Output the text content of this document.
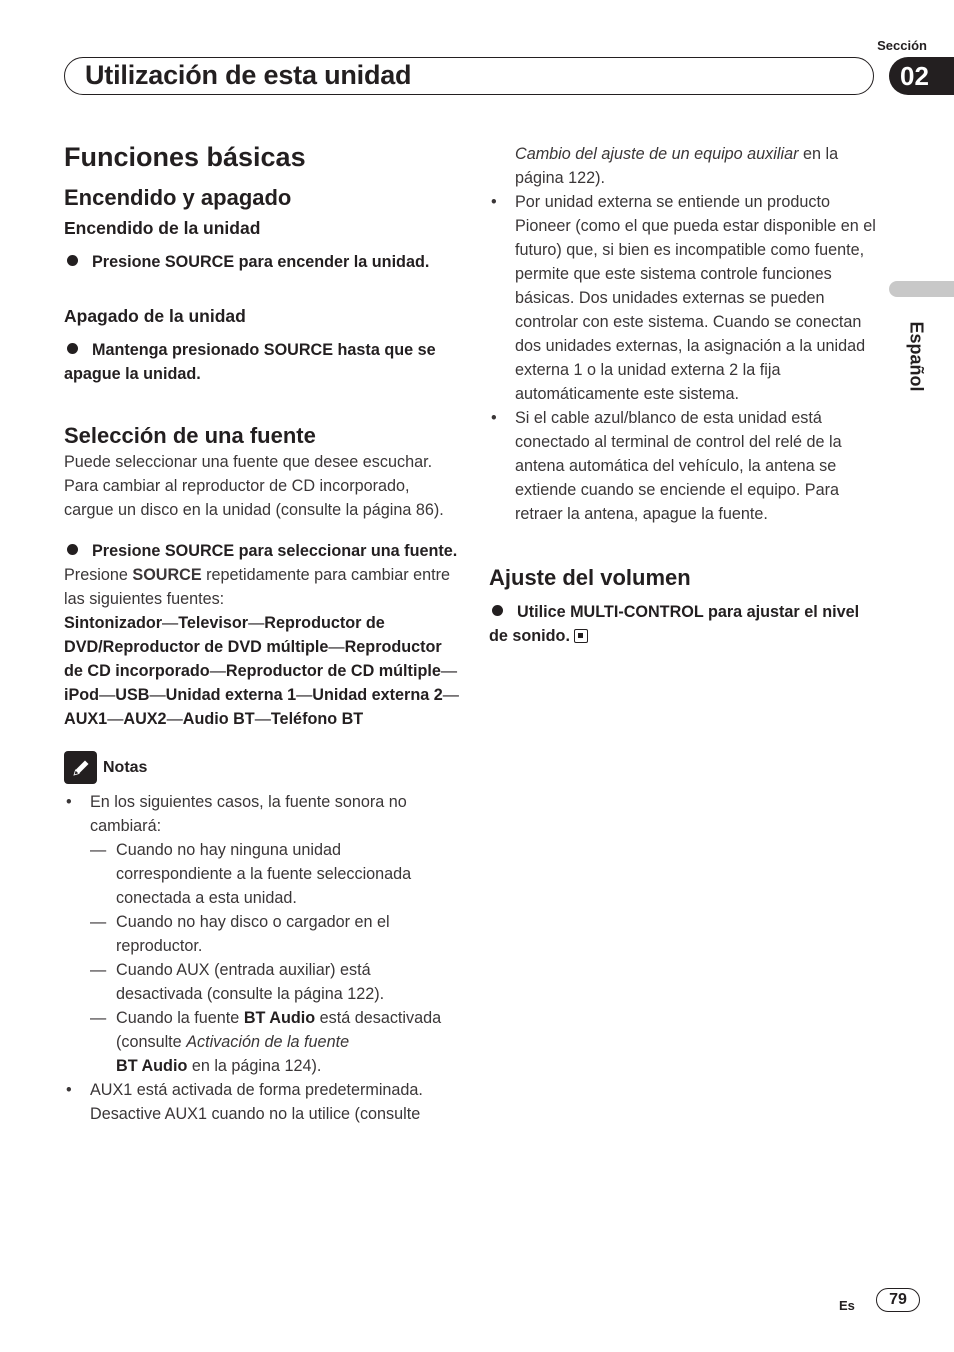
Sección
Utilización de esta unidad	02
Español
Funciones básicas
Encendido y apagado
Encendido de la unidad

Presione SOURCE para encender la unidad.

Apagado de la unidad

Mantenga presionado SOURCE hasta que se apague la unidad.

Selección de una fuente

Puede seleccionar una fuente que desee escuchar. Para cambiar al reproductor de CD incorporado, cargue un disco en la unidad (consulte la página 86).

Presione SOURCE para seleccionar una fuente.

Presione SOURCE repetidamente para cambiar entre las siguientes fuentes:

Sintonizador—Televisor—Reproductor de DVD/Reproductor de DVD múltiple—Reproductor de CD incorporado—Reproductor de CD múltiple—iPod—USB—Unidad externa 1—Unidad externa 2—AUX1—AUX2—Audio BT—Teléfono BT

Notas
• En los siguientes casos, la fuente sonora no cambiará:
— Cuando no hay ninguna unidad correspondiente a la fuente seleccionada conectada a esta unidad.
— Cuando no hay disco o cargador en el reproductor.
— Cuando AUX (entrada auxiliar) está desactivada (consulte la página 122).
— Cuando la fuente BT Audio está desactivada (consulte Activación de la fuente
BT Audio en la página 124).
• AUX1 está activada de forma predeterminada. Desactive AUX1 cuando no la utilice (consulte
Cambio del ajuste de un equipo auxiliar en la página 122).
• Por unidad externa se entiende un producto Pioneer (como el que pueda estar disponible en el futuro) que, si bien es incompatible como fuente, permite que este sistema controle funciones básicas. Dos unidades externas se pueden controlar con este sistema. Cuando se conectan dos unidades externas, la asignación a la unidad externa 1 o la unidad externa 2 la fija automáticamente este sistema.
• Si el cable azul/blanco de esta unidad está conectado al terminal de control del relé de la antena automática del vehículo, la antena se extiende cuando se enciende el equipo. Para retraer la antena, apague la fuente.
Ajuste del volumen

Utilice MULTI-CONTROL para ajustar el nivel de sonido.

Es	79
